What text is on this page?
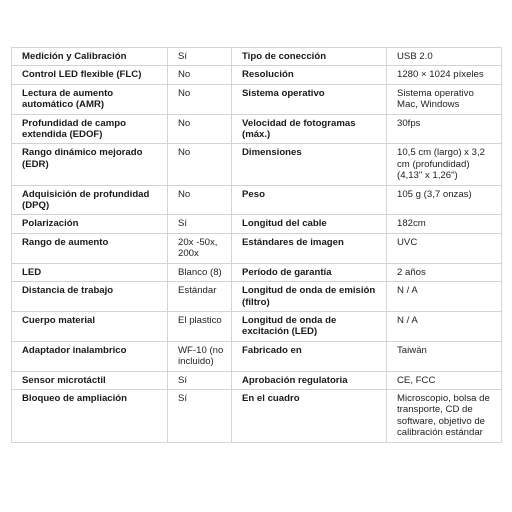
Medición y Calibración	Sí	Tipo de conección	USB 2.0
Control LED flexible (FLC)	No	Resolución	1280 × 1024 píxeles
Lectura de aumento automático (AMR)	No	Sistema operativo	Sistema operativo Mac, Windows
Profundidad de campo extendida (EDOF)	No	Velocidad de fotogramas (máx.)	30fps
Rango dinámico mejorado (EDR)	No	Dimensiones	10,5 cm (largo) x 3,2 cm (profundidad) (4,13" x 1,26")
Adquisición de profundidad (DPQ)	No	Peso	105 g (3,7 onzas)
Polarización	Sí	Longitud del cable	182cm
Rango de aumento	20x -50x, 200x	Estándares de imagen	UVC
LED	Blanco (8)	Período de garantía	2 años
Distancia de trabajo	Estándar	Longitud de onda de emisión (filtro)	N / A
Cuerpo material	El plastico	Longitud de onda de excitación (LED)	N / A
Adaptador inalambrico	WF-10 (no incluido)	Fabricado en	Taiwán
Sensor microtáctil	Sí	Aprobación regulatoria	CE, FCC
Bloqueo de ampliación	Sí	En el cuadro	Microscopio, bolsa de transporte, CD de software, objetivo de calibración estándar
